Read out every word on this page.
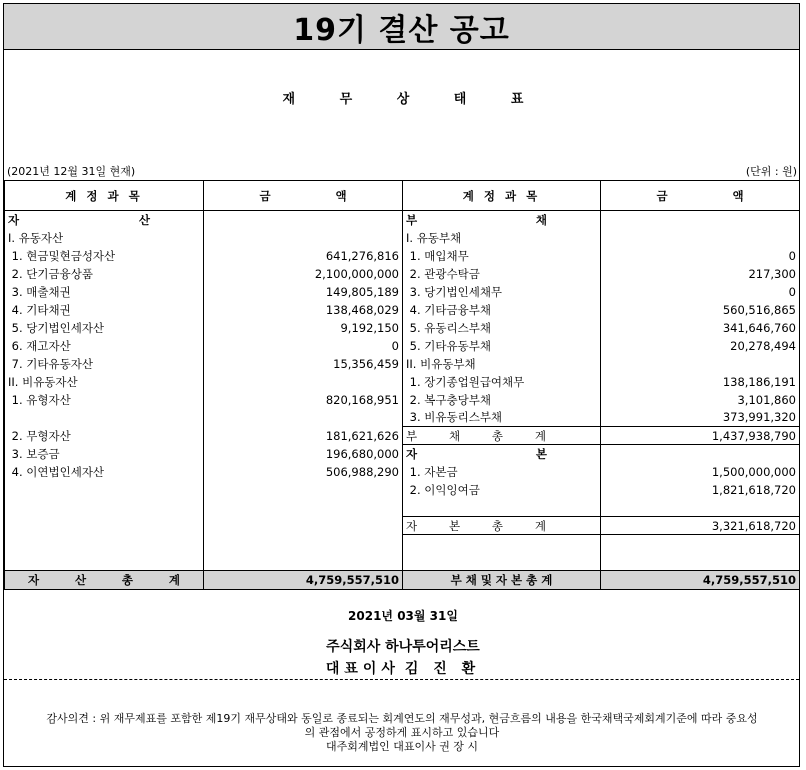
19기 결산 공고
재 무 상 태 표
(2021년 12월 31일 현재)	(단위 : 원)
계 정 과 목	금 액	계 정 과 목	금 액

자 산		부 채	

I. 유동자산		I. 유동부채	
1. 현금및현금성자산	641,276,816	1. 매입채무	0
2. 단기금융상품	2,100,000,000	2. 관광수탁금	217,300
3. 매출채권	149,805,189	3. 당기법인세채무	0
4. 기타채권	138,468,029	4. 기타금융부채	560,516,865
5. 당기법인세자산	9,192,150	5. 유동리스부채	341,646,760
6. 재고자산	0	5. 기타유동부채	20,278,494
7. 기타유동자산	15,356,459	II. 비유동부채	
II. 비유동자산		1. 장기종업원급여채무	138,186,191
1. 유형자산	820,168,951	2. 복구충당부채	3,101,860
		3. 비유동리스부채	373,991,320
2. 무형자산	181,621,626	부 채 총 계	1,437,938,790
3. 보증금	196,680,000	자 본	

4. 이연법인세자산	506,988,290	1. 자본금	1,500,000,000
		2. 이익잉여금	1,821,618,720

		자 본 총 계	3,321,618,720

자 산 총 계	4,759,557,510	부 채 및 자 본 총 계	4,759,557,510
2021년 03월 31일
주식회사 하나투어리스트
대표이사 김 진 환
감사의견 : 위 재무제표를 포함한 제19기 재무상태와 동일로 종료되는 회계연도의 재무성과, 현금흐름의 내용을 한국채택국제회계기준에 따라 중요성
의 관점에서 공정하게 표시하고 있습니다
대주회계법인 대표이사 권 장 시
